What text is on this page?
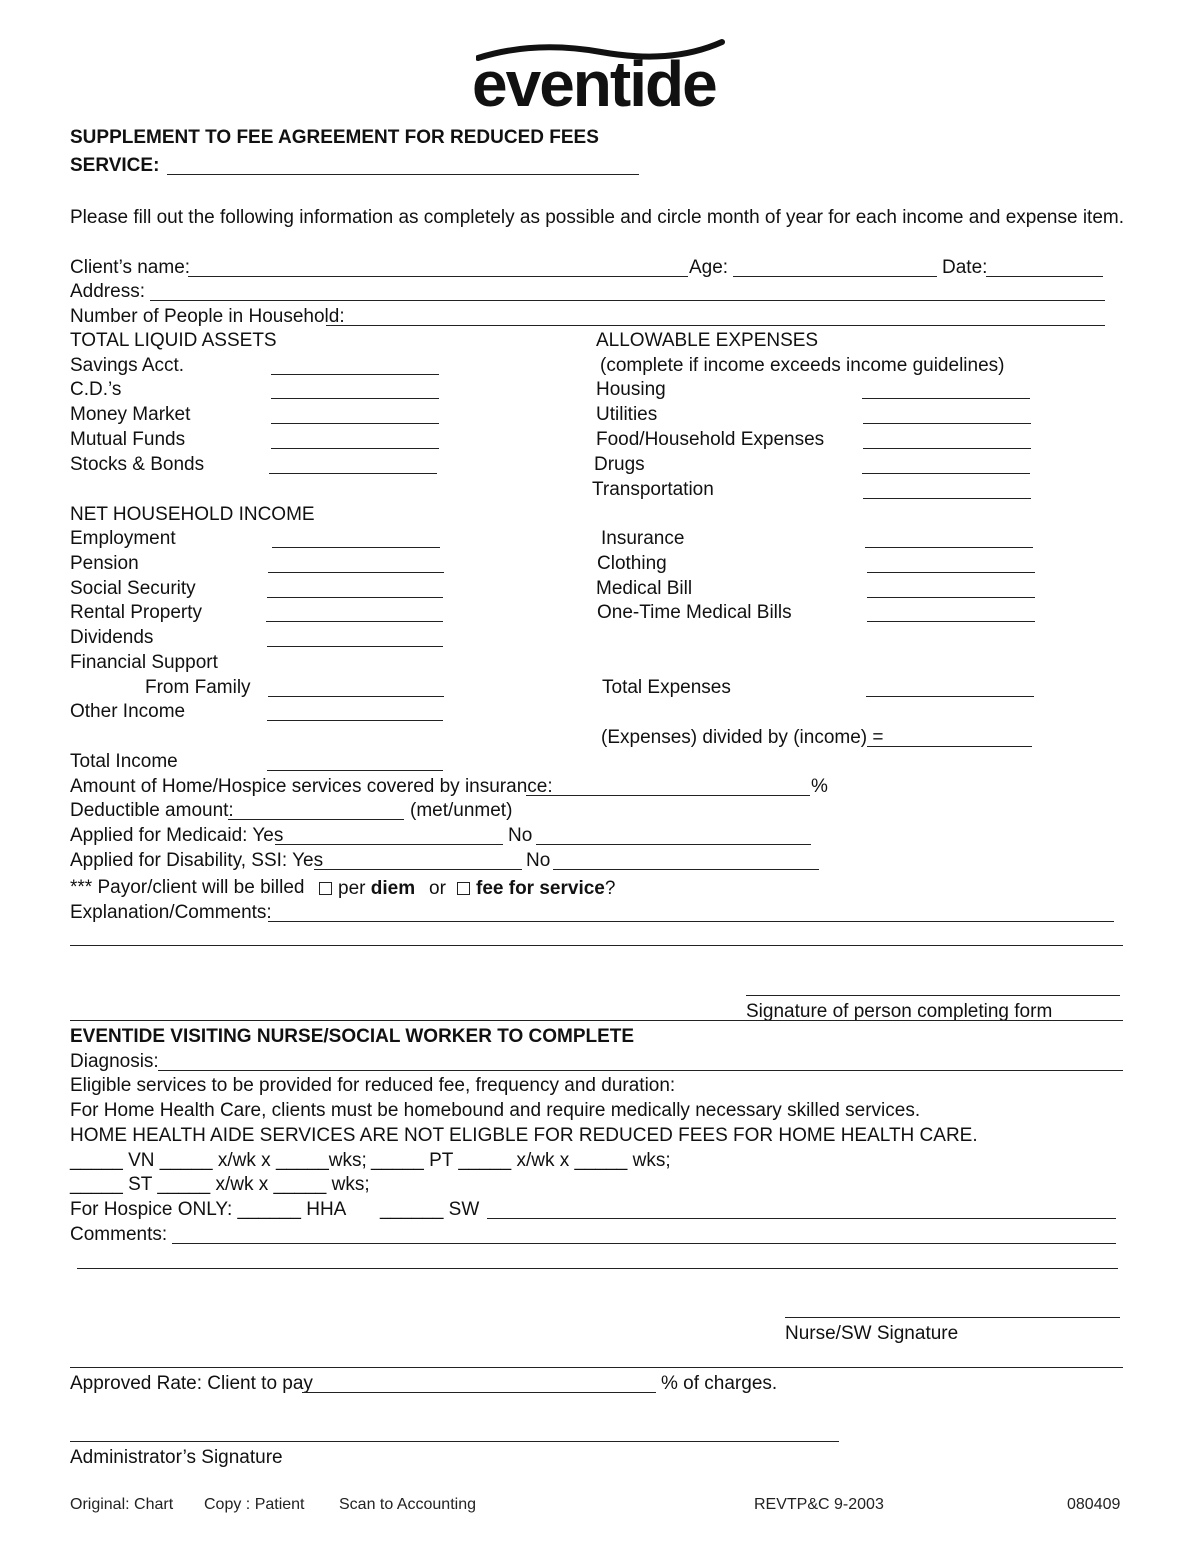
eventide
SUPPLEMENT TO FEE AGREEMENT FOR REDUCED FEES
SERVICE:
Please fill out the following information as completely as possible and circle month of year for each income and expense item.
Client’s name:	Age:	Date:
Address:
Number of People in Household:
TOTAL LIQUID ASSETS
Savings Acct.
C.D.’s
Money Market
Mutual Funds
Stocks & Bonds
ALLOWABLE EXPENSES
(complete if income exceeds income guidelines)
Housing
Utilities
Food/Household Expenses
Drugs
Transportation
Insurance
Clothing
Medical Bill
One-Time Medical Bills
Total Expenses
(Expenses) divided by (income) =
NET HOUSEHOLD INCOME
Employment
Pension
Social Security
Rental Property
Dividends
Financial Support
From Family
Other Income
Total Income
Amount of Home/Hospice services covered by insurance:	%
Deductible amount:	(met/unmet)
Applied for Medicaid: Yes	No
Applied for Disability, SSI: Yes	No
*** Payor/client will be billed	per diem or	fee for service?
Explanation/Comments:
Signature of person completing form
EVENTIDE VISITING NURSE/SOCIAL WORKER TO COMPLETE
Diagnosis:
Eligible services to be provided for reduced fee, frequency and duration:
For Home Health Care, clients must be homebound and require medically necessary skilled services.
HOME HEALTH AIDE SERVICES ARE NOT ELIGBLE FOR REDUCED FEES FOR HOME HEALTH CARE.
_____ VN _____ x/wk x _____wks; _____ PT _____ x/wk x _____ wks;
_____ ST _____ x/wk x _____ wks;
For Hospice ONLY: ______ HHA ______ SW
Comments:
Nurse/SW Signature
Approved Rate: Client to pay	% of charges.
Administrator’s Signature
Original: Chart Copy : Patient Scan to Accounting	REVTP&C 9-2003	080409
